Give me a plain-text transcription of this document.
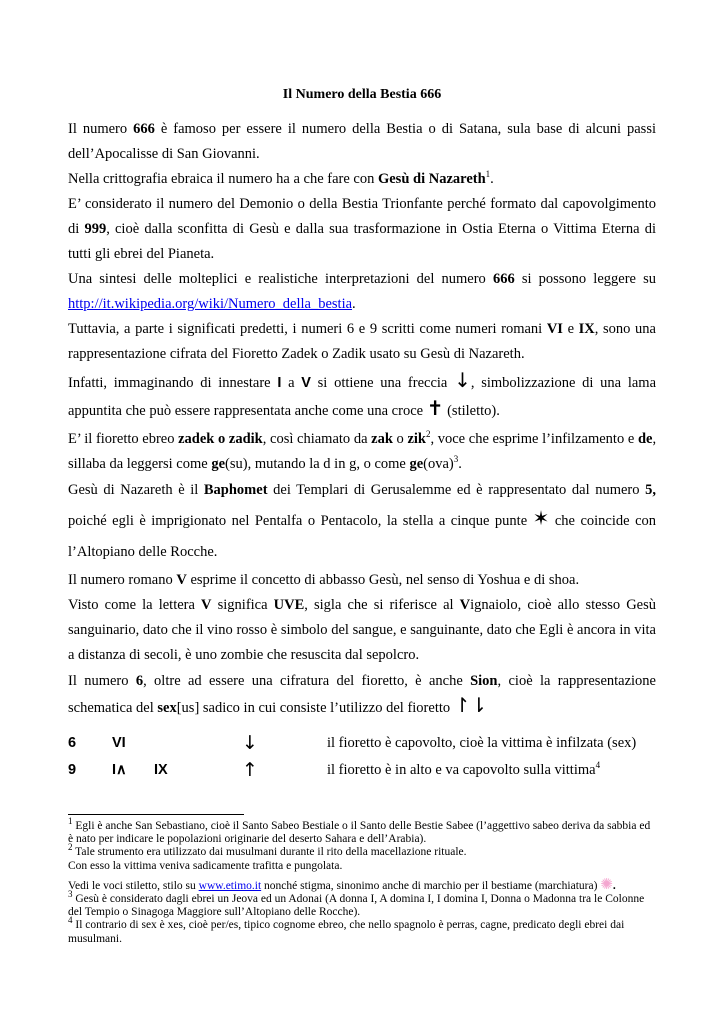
Il Numero della Bestia 666

Il numero 666 è famoso per essere il numero della Bestia o di Satana, sula base di alcuni passi dell’Apocalisse di San Giovanni.

Nella crittografia ebraica il numero ha a che fare con Gesù di Nazareth$^1$.

E’ considerato il numero del Demonio o della Bestia Trionfante perché formato dal capovolgimento di 999, cioè dalla sconfitta di Gesù e dalla sua trasformazione in Ostia Eterna o Vittima Eterna di tutti gli ebrei del Pianeta.

Una sintesi delle molteplici e realistiche interpretazioni del numero 666 si possono leggere su http://it.wikipedia.org/wiki/Numero_della_bestia.

Tuttavia, a parte i significati predetti, i numeri 6 e 9 scritti come numeri romani VI e IX, sono una rappresentazione cifrata del Fioretto Zadek o Zadik usato su Gesù di Nazareth.

Infatti, immaginando di innestare I a V si ottiene una freccia ↓, simbolizzazione di una lama appuntita che può essere rappresentata anche come una croce ✝ (stiletto).

E’ il fioretto ebreo zadek o zadik, così chiamato da zak o zik$^2$, voce che esprime l’infilzamento e de, sillaba da leggersi come ge(su), mutando la d in g, o come ge(ova)$^3$.

Gesù di Nazareth è il Baphomet dei Templari di Gerusalemme ed è rappresentato dal numero 5, poiché egli è imprigionato nel Pentalfa o Pentacolo, la stella a cinque punte ✶ che coincide con l’Altopiano delle Rocche.

Il numero romano V esprime il concetto di abbasso Gesù, nel senso di Yoshua e di shoa.

Visto come la lettera V significa UVE, sigla che si riferisce al Vignaiolo, cioè allo stesso Gesù sanguinario, dato che il vino rosso è simbolo del sangue, e sanguinante, dato che Egli è ancora in vita a distanza di secoli, è uno zombie che resuscita dal sepolcro.

Il numero 6, oltre ad essere una cifratura del fioretto, è anche Sion, cioè la rappresentazione schematica del sex[us] sadico in cui consiste l’utilizzo del fioretto ↾⇂

6 VI	↓	il fioretto è capovolto, cioè la vittima è infilzata (sex)
9 I∧ IX	↑	il fioretto è in alto e va capovolto sulla vittima$^4$

$^1$ Egli è anche San Sebastiano, cioè il Santo Sabeo Bestiale o il Santo delle Bestie Sabee (l’aggettivo sabeo deriva da sabbia ed è nato per indicare le popolazioni originarie del deserto Sahara e dell’Arabia).

$^2$ Tale strumento era utilizzato dai musulmani durante il rito della macellazione rituale.
Con esso la vittima veniva sadicamente trafitta e pungolata.

Vedi le voci stiletto, stilo su www.etimo.it nonché stigma, sinonimo anche di marchio per il bestiame (marchiatura) ✺.

$^3$ Gesù è considerato dagli ebrei un Jeova ed un Adonai (A donna I, A domina I, I domina I, Donna o Madonna tra le Colonne del Tempio o Sinagoga Maggiore sull’Altopiano delle Rocche).

$^4$ Il contrario di sex è xes, cioè per/es, tipico cognome ebreo, che nello spagnolo è perras, cagne, predicato degli ebrei dai musulmani.
